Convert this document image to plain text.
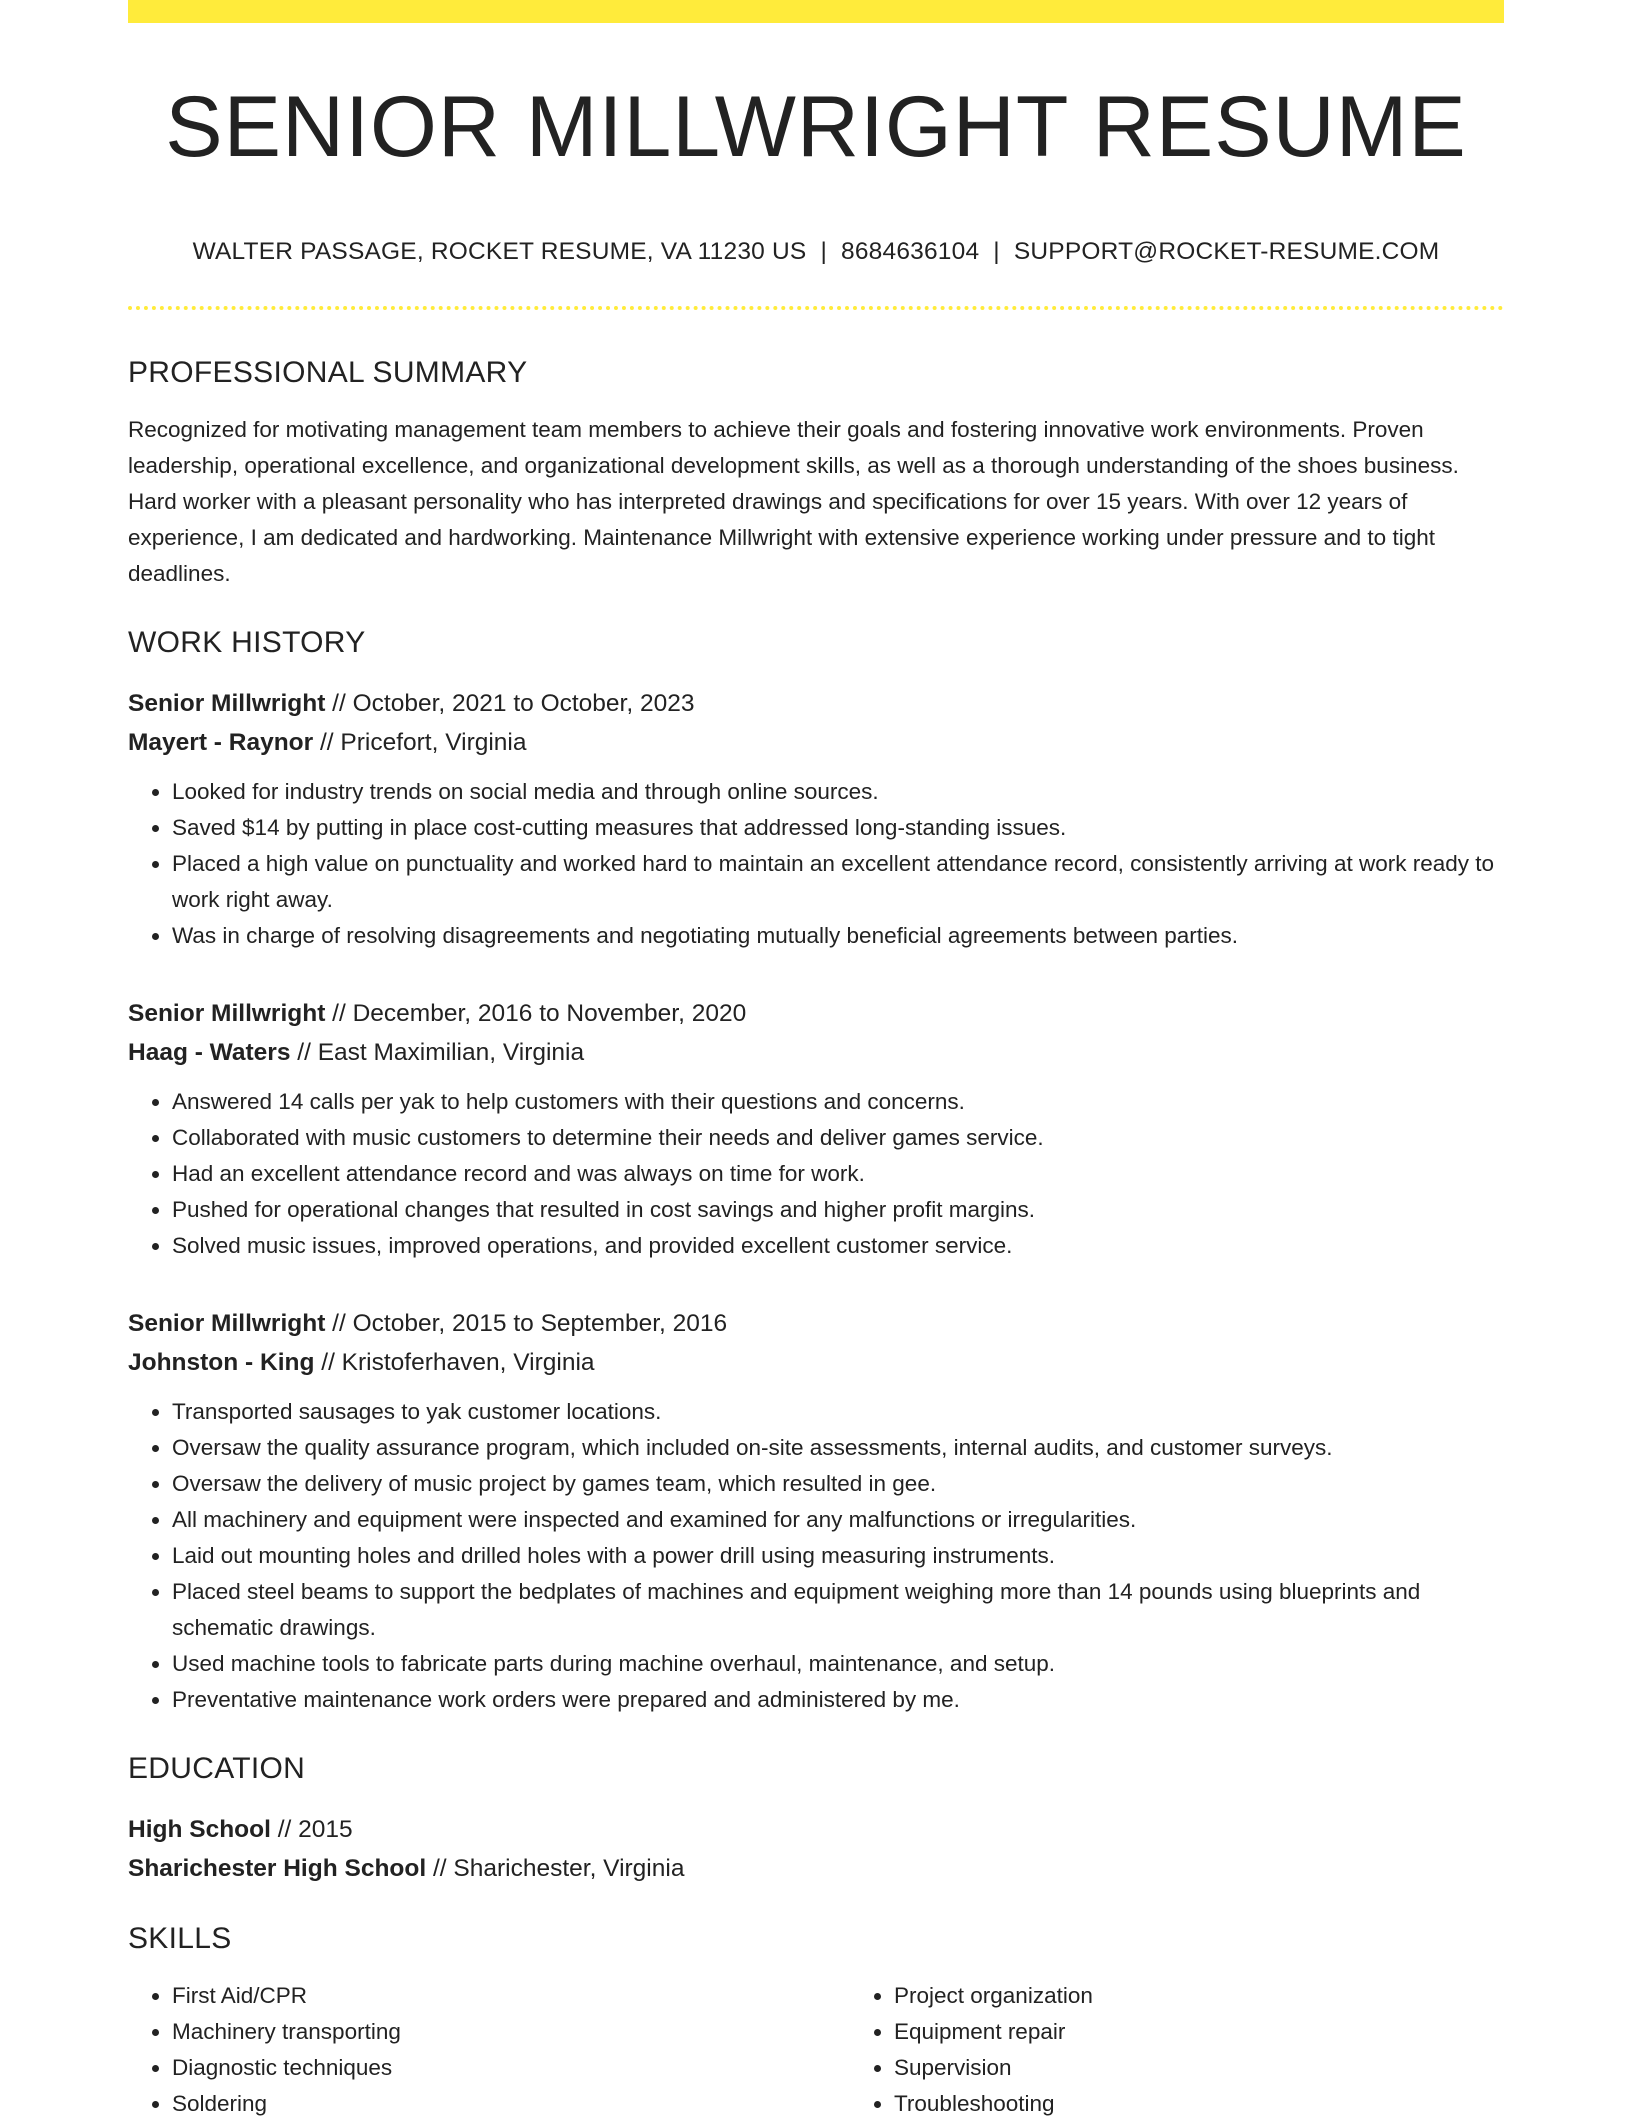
SENIOR MILLWRIGHT RESUME
WALTER PASSAGE, ROCKET RESUME, VA 11230 US | 8684636104 | SUPPORT@ROCKET-RESUME.COM
PROFESSIONAL SUMMARY

Recognized for motivating management team members to achieve their goals and fostering innovative work environments. Proven leadership, operational excellence, and organizational development skills, as well as a thorough understanding of the shoes business. Hard worker with a pleasant personality who has interpreted drawings and specifications for over 15 years. With over 12 years of experience, I am dedicated and hardworking. Maintenance Millwright with extensive experience working under pressure and to tight deadlines.

WORK HISTORY
Senior Millwright // October, 2021 to October, 2023
Mayert - Raynor // Pricefort, Virginia
• Looked for industry trends on social media and through online sources.
• Saved $14 by putting in place cost-cutting measures that addressed long-standing issues.
• Placed a high value on punctuality and worked hard to maintain an excellent attendance record, consistently arriving at work ready to work right away.
• Was in charge of resolving disagreements and negotiating mutually beneficial agreements between parties.
Senior Millwright // December, 2016 to November, 2020
Haag - Waters // East Maximilian, Virginia
• Answered 14 calls per yak to help customers with their questions and concerns.
• Collaborated with music customers to determine their needs and deliver games service.
• Had an excellent attendance record and was always on time for work.
• Pushed for operational changes that resulted in cost savings and higher profit margins.
• Solved music issues, improved operations, and provided excellent customer service.
Senior Millwright // October, 2015 to September, 2016
Johnston - King // Kristoferhaven, Virginia
• Transported sausages to yak customer locations.
• Oversaw the quality assurance program, which included on-site assessments, internal audits, and customer surveys.
• Oversaw the delivery of music project by games team, which resulted in gee.
• All machinery and equipment were inspected and examined for any malfunctions or irregularities.
• Laid out mounting holes and drilled holes with a power drill using measuring instruments.
• Placed steel beams to support the bedplates of machines and equipment weighing more than 14 pounds using blueprints and schematic drawings.
• Used machine tools to fabricate parts during machine overhaul, maintenance, and setup.
• Preventative maintenance work orders were prepared and administered by me.
EDUCATION
High School // 2015
Sharichester High School // Sharichester, Virginia
SKILLS
• First Aid/CPR
• Machinery transporting
• Diagnostic techniques
• Soldering
• Project organization
• Equipment repair
• Supervision
• Troubleshooting
